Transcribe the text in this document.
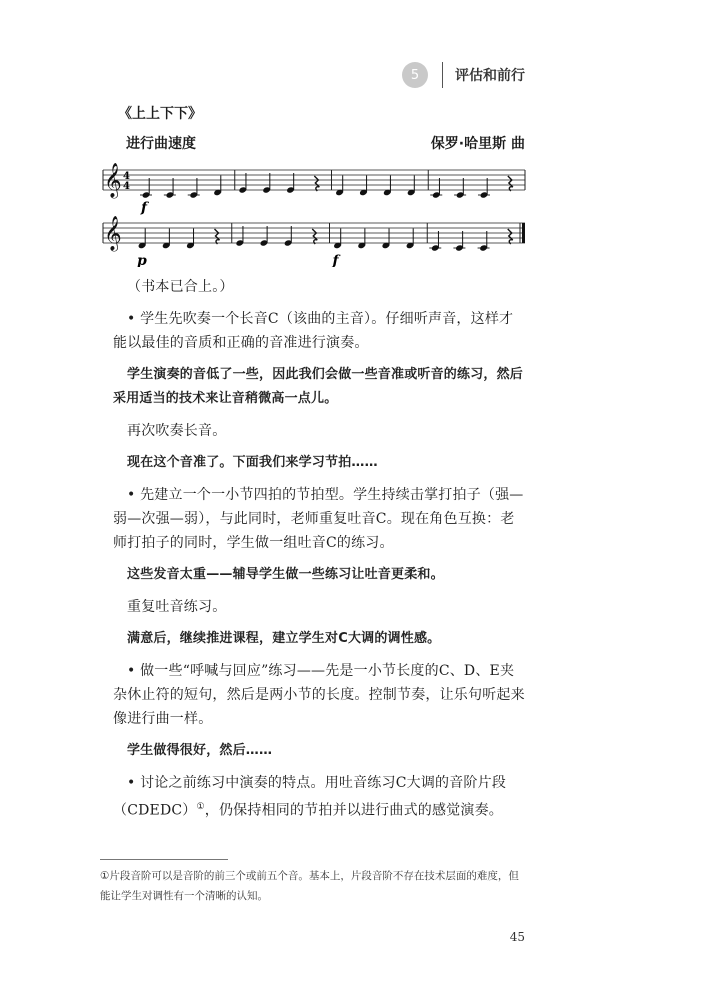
5	评估和前行
《上上下下》
进行曲速度	保罗·哈里斯 曲
𝄞 4
4
f
𝄞
p	f

（书本已合上。）

• 学生先吹奏一个长音C（该曲的主音）。仔细听声音，这样才能以最佳的音质和正确的音准进行演奏。

学生演奏的音低了一些，因此我们会做一些音准或听音的练习，然后采用适当的技术来让音稍微高一点儿。

再次吹奏长音。

现在这个音准了。下面我们来学习节拍……

• 先建立一个一小节四拍的节拍型。学生持续击掌打拍子（强—弱—次强—弱），与此同时，老师重复吐音C。现在角色互换：老师打拍子的同时，学生做一组吐音C的练习。

这些发音太重——辅导学生做一些练习让吐音更柔和。

重复吐音练习。

满意后，继续推进课程，建立学生对C大调的调性感。

• 做一些“呼喊与回应”练习——先是一小节长度的C、D、E夹杂休止符的短句，然后是两小节的长度。控制节奏，让乐句听起来像进行曲一样。

学生做得很好，然后……

• 讨论之前练习中演奏的特点。用吐音练习C大调的音阶片段（CDEDC）①，仍保持相同的节拍并以进行曲式的感觉演奏。

①片段音阶可以是音阶的前三个或前五个音。基本上，片段音阶不存在技术层面的难度，但能让学生对调性有一个清晰的认知。
45
